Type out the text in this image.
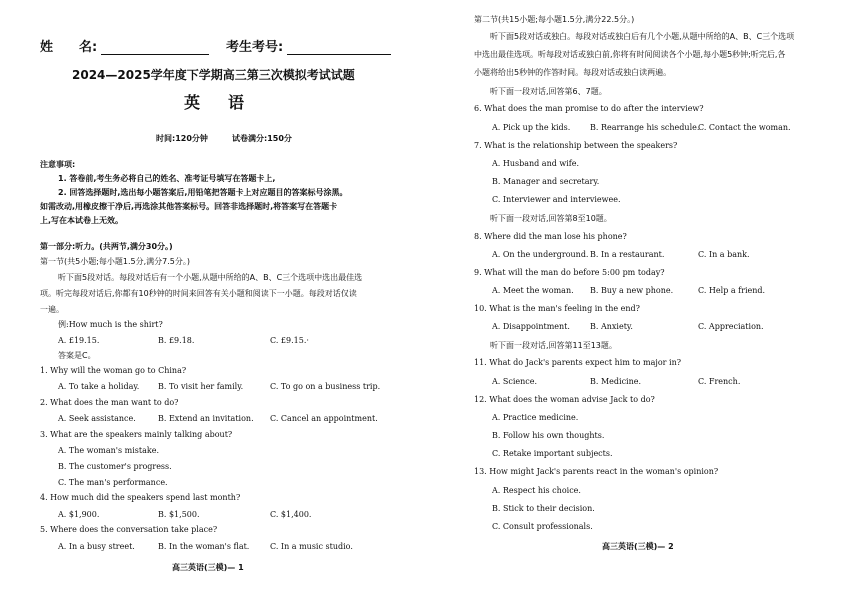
姓　　名:	考生考号:
2024—2025学年度下学期高三第三次模拟考试试题
英　语
时间:120分钟	试卷满分:150分
注意事项:
1. 答卷前,考生务必将自己的姓名、准考证号填写在答题卡上,
2. 回答选择题时,选出每小题答案后,用铅笔把答题卡上对应题目的答案标号涂黑。
如需改动,用橡皮擦干净后,再选涂其他答案标号。回答非选择题时,将答案写在答题卡
上,写在本试卷上无效。
第一部分:听力。(共两节,满分30分。)
第一节(共5小题;每小题1.5分,满分7.5分。)
听下面5段对话。每段对话后有一个小题,从题中所给的A、B、C三个选项中选出最佳选
项。听完每段对话后,你都有10秒钟的时间来回答有关小题和阅读下一小题。每段对话仅读
一遍。
例:How much is the shirt?
A. £19.15.	B. £9.18.	C. £9.15.·
答案是C。
1. Why will the woman go to China?
A. To take a holiday. B. To visit her family.	C. To go on a business trip.
2. What does the man want to do?
A. Seek assistance.	B. Extend an invitation. C. Cancel an appointment.
3. What are the speakers mainly talking about?
A. The woman's mistake.
B. The customer's progress.
C. The man's performance.
4. How much did the speakers spend last month?
A. $1,900.	B. $1,500.	C. $1,400.
5. Where does the conversation take place?
A. In a busy street.	B. In the woman's flat.	C. In a music studio.
高三英语(三模)— 1
第二节(共15小题;每小题1.5分,满分22.5分。)
听下面5段对话或独白。每段对话或独白后有几个小题,从题中所给的A、B、C三个选项
中选出最佳选项。听每段对话或独白前,你将有时间阅读各个小题,每小题5秒钟;听完后,各
小题将给出5秒钟的作答时间。每段对话或独白读两遍。
听下面一段对话,回答第6、7题。
6. What does the man promise to do after the interview?
A. Pick up the kids. B. Rearrange his schedule.
C. Contact the woman.
7. What is the relationship between the speakers?
A. Husband and wife.
B. Manager and secretary.
C. Interviewer and interviewee.
听下面一段对话,回答第8至10题。
8. Where did the man lose his phone?
A. On the underground. B. In a restaurant.	C. In a bank.
9. What will the man do before 5:00 pm today?
A. Meet the woman. B. Buy a new phone.	C. Help a friend.
10. What is the man's feeling in the end?
A. Disappointment.	B. Anxiety.	C. Appreciation.
听下面一段对话,回答第11至13题。
11. What do Jack's parents expect him to major in?
A. Science.	B. Medicine.	C. French.
12. What does the woman advise Jack to do?
A. Practice medicine.
B. Follow his own thoughts.
C. Retake important subjects.
13. How might Jack's parents react in the woman's opinion?
A. Respect his choice.
B. Stick to their decision.
C. Consult professionals.
高三英语(三模)— 2
